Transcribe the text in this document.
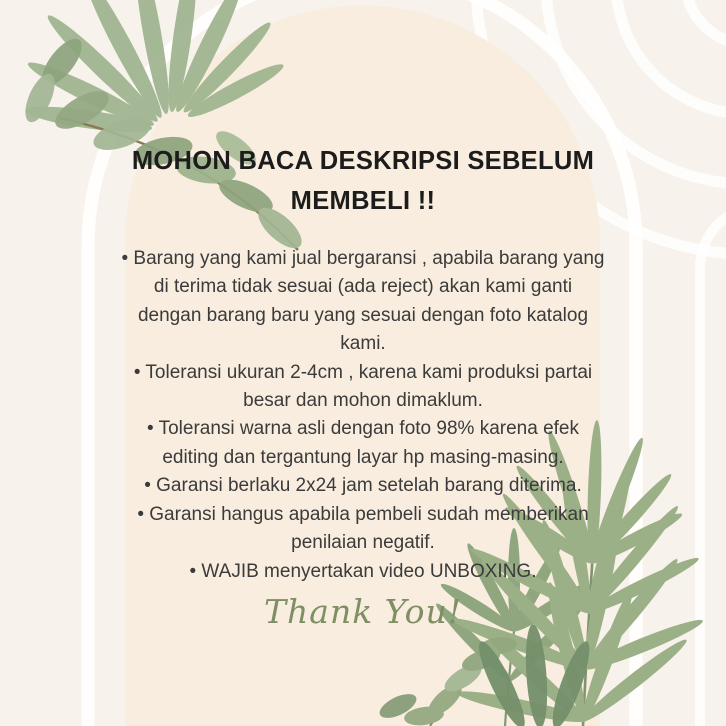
MOHON BACA DESKRIPSI SEBELUM MEMBELI !!

• Barang yang kami jual bergaransi , apabila barang yang di terima tidak sesuai (ada reject) akan kami ganti dengan barang baru yang sesuai dengan foto katalog kami.

• Toleransi ukuran 2-4cm , karena kami produksi partai besar dan mohon dimaklum.

• Toleransi warna asli dengan foto 98% karena efek editing dan tergantung layar hp masing-masing.

• Garansi berlaku 2x24 jam setelah barang diterima.

• Garansi hangus apabila pembeli sudah memberikan penilaian negatif.

• WAJIB menyertakan video UNBOXING.

Thank You!
